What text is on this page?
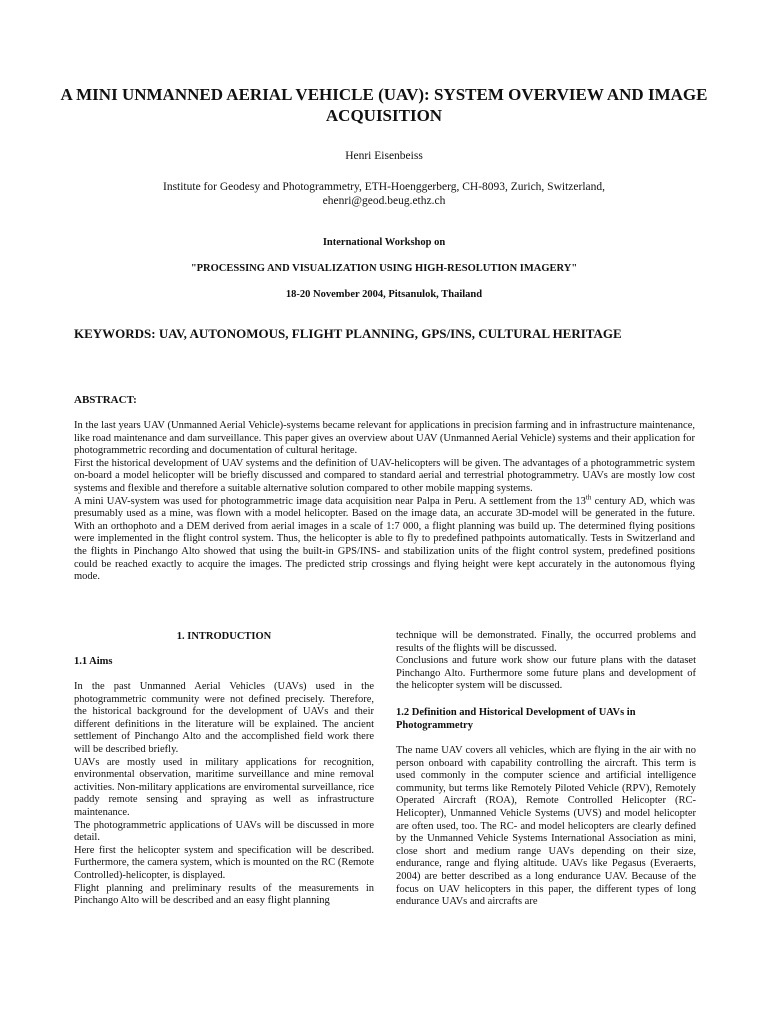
A MINI UNMANNED AERIAL VEHICLE (UAV): SYSTEM OVERVIEW AND IMAGE ACQUISITION
Henri Eisenbeiss
Institute for Geodesy and Photogrammetry, ETH-Hoenggerberg, CH-8093, Zurich, Switzerland,
ehenri@geod.beug.ethz.ch
International Workshop on
"PROCESSING AND VISUALIZATION USING HIGH-RESOLUTION IMAGERY"
18-20 November 2004, Pitsanulok, Thailand
KEYWORDS: UAV, AUTONOMOUS, FLIGHT PLANNING, GPS/INS, CULTURAL HERITAGE
ABSTRACT:

In the last years UAV (Unmanned Aerial Vehicle)-systems became relevant for applications in precision farming and in infrastructure maintenance, like road maintenance and dam surveillance. This paper gives an overview about UAV (Unmanned Aerial Vehicle) systems and their application for photogrammetric recording and documentation of cultural heritage.

First the historical development of UAV systems and the definition of UAV-helicopters will be given. The advantages of a photogrammetric system on-board a model helicopter will be briefly discussed and compared to standard aerial and terrestrial photogrammetry. UAVs are mostly low cost systems and flexible and therefore a suitable alternative solution compared to other mobile mapping systems.

A mini UAV-system was used for photogrammetric image data acquisition near Palpa in Peru. A settlement from the 13th century AD, which was presumably used as a mine, was flown with a model helicopter. Based on the image data, an accurate 3D-model will be generated in the future. With an orthophoto and a DEM derived from aerial images in a scale of 1:7 000, a flight planning was build up. The determined flying positions were implemented in the flight control system. Thus, the helicopter is able to fly to predefined pathpoints automatically. Tests in Switzerland and the flights in Pinchango Alto showed that using the built-in GPS/INS- and stabilization units of the flight control system, predefined positions could be reached exactly to acquire the images. The predicted strip crossings and flying height were kept accurately in the autonomous flying mode.

1. INTRODUCTION
1.1 Aims

In the past Unmanned Aerial Vehicles (UAVs) used in the photogrammetric community were not defined precisely. Therefore, the historical background for the development of UAVs and their different definitions in the literature will be explained. The ancient settlement of Pinchango Alto and the accomplished field work there will be described briefly.

UAVs are mostly used in military applications for recognition, environmental observation, maritime surveillance and mine removal activities. Non-military applications are enviromental surveillance, rice paddy remote sensing and spraying as well as infrastructure maintenance.

The photogrammetric applications of UAVs will be discussed in more detail.

Here first the helicopter system and specification will be described. Furthermore, the camera system, which is mounted on the RC (Remote Controlled)-helicopter, is displayed.

Flight planning and preliminary results of the measurements in Pinchango Alto will be described and an easy flight planning

technique will be demonstrated. Finally, the occurred problems and results of the flights will be discussed.

Conclusions and future work show our future plans with the dataset Pinchango Alto. Furthermore some future plans and development of the helicopter system will be discussed.

1.2 Definition and Historical Development of UAVs in Photogrammetry

The name UAV covers all vehicles, which are flying in the air with no person onboard with capability controlling the aircraft. This term is used commonly in the computer science and artificial intelligence community, but terms like Remotely Piloted Vehicle (RPV), Remotely Operated Aircraft (ROA), Remote Controlled Helicopter (RC-Helicopter), Unmanned Vehicle Systems (UVS) and model helicopter are often used, too. The RC- and model helicopters are clearly defined by the Unmanned Vehicle Systems International Association as mini, close short and medium range UAVs depending on their size, endurance, range and flying altitude. UAVs like Pegasus (Everaerts, 2004) are better described as a long endurance UAV. Because of the focus on UAV helicopters in this paper, the different types of long endurance UAVs and aircrafts are
